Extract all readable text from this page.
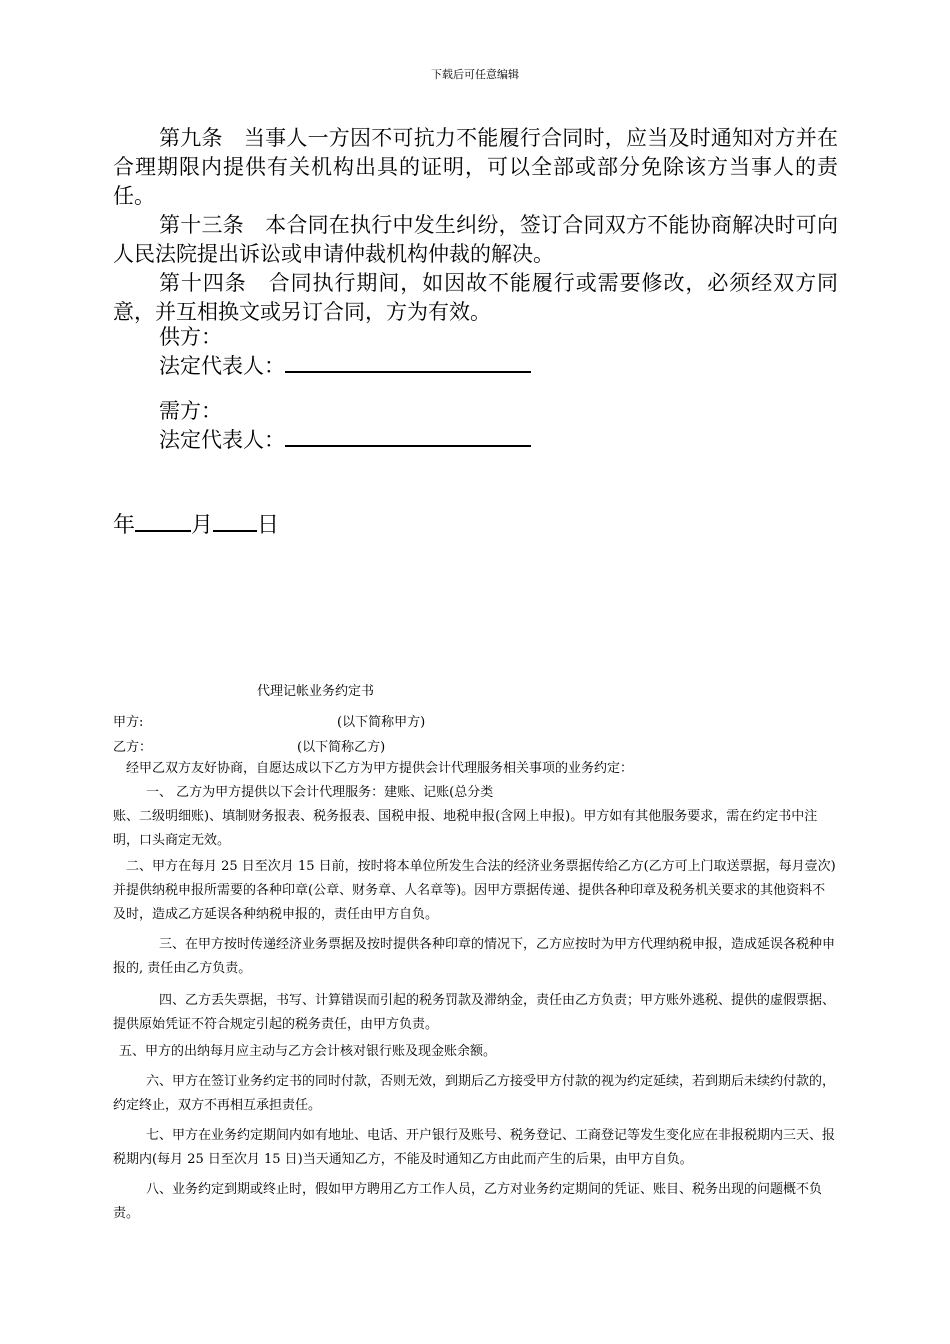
下载后可任意编辑

第九条　当事人一方因不可抗力不能履行合同时，应当及时通知对方并在合理期限内提供有关机构出具的证明，可以全部或部分免除该方当事人的责任。

第十三条　本合同在执行中发生纠纷，签订合同双方不能协商解决时可向人民法院提出诉讼或申请仲裁机构仲裁的解决。

第十四条　合同执行期间，如因故不能履行或需要修改，必须经双方同意，并互相换文或另订合同，方为有效。

供方：
法定代表人：
需方：
法定代表人：
年	月 日
代理记帐业务约定书
甲方:	(以下简称甲方)
乙方：	(以下简称乙方)

经甲乙双方友好协商，自愿达成以下乙方为甲方提供会计代理服务相关事项的业务约定：

一、 乙方为甲方提供以下会计代理服务：建账、记账(总分类

账、二级明细账)、填制财务报表、税务报表、国税申报、地税申报(含网上申报)。甲方如有其他服务要求，需在约定书中注明，口头商定无效。

二、甲方在每月 25 日至次月 15 日前，按时将本单位所发生合法的经济业务票据传给乙方(乙方可上门取送票据，每月壹次)并提供纳税申报所需要的各种印章(公章、财务章、人名章等)。因甲方票据传递、提供各种印章及税务机关要求的其他资料不及时，造成乙方延误各种纳税申报的，责任由甲方自负。

三、在甲方按时传递经济业务票据及按时提供各种印章的情况下，乙方应按时为甲方代理纳税申报，造成延误各税种申报的, 责任由乙方负责。

四、乙方丢失票据，书写、计算错误而引起的税务罚款及滞纳金，责任由乙方负责；甲方账外逃税、提供的虚假票据、提供原始凭证不符合规定引起的税务责任，由甲方负责。

五、甲方的出纳每月应主动与乙方会计核对银行账及现金账余额。

六、甲方在签订业务约定书的同时付款，否则无效，到期后乙方接受甲方付款的视为约定延续，若到期后未续约付款的，约定终止，双方不再相互承担责任。

七、甲方在业务约定期间内如有地址、电话、开户银行及账号、税务登记、工商登记等发生变化应在非报税期内三天、报税期内(每月 25 日至次月 15 日)当天通知乙方，不能及时通知乙方由此而产生的后果，由甲方自负。

八、业务约定到期或终止时，假如甲方聘用乙方工作人员，乙方对业务约定期间的凭证、账目、税务出现的问题概不负责。
